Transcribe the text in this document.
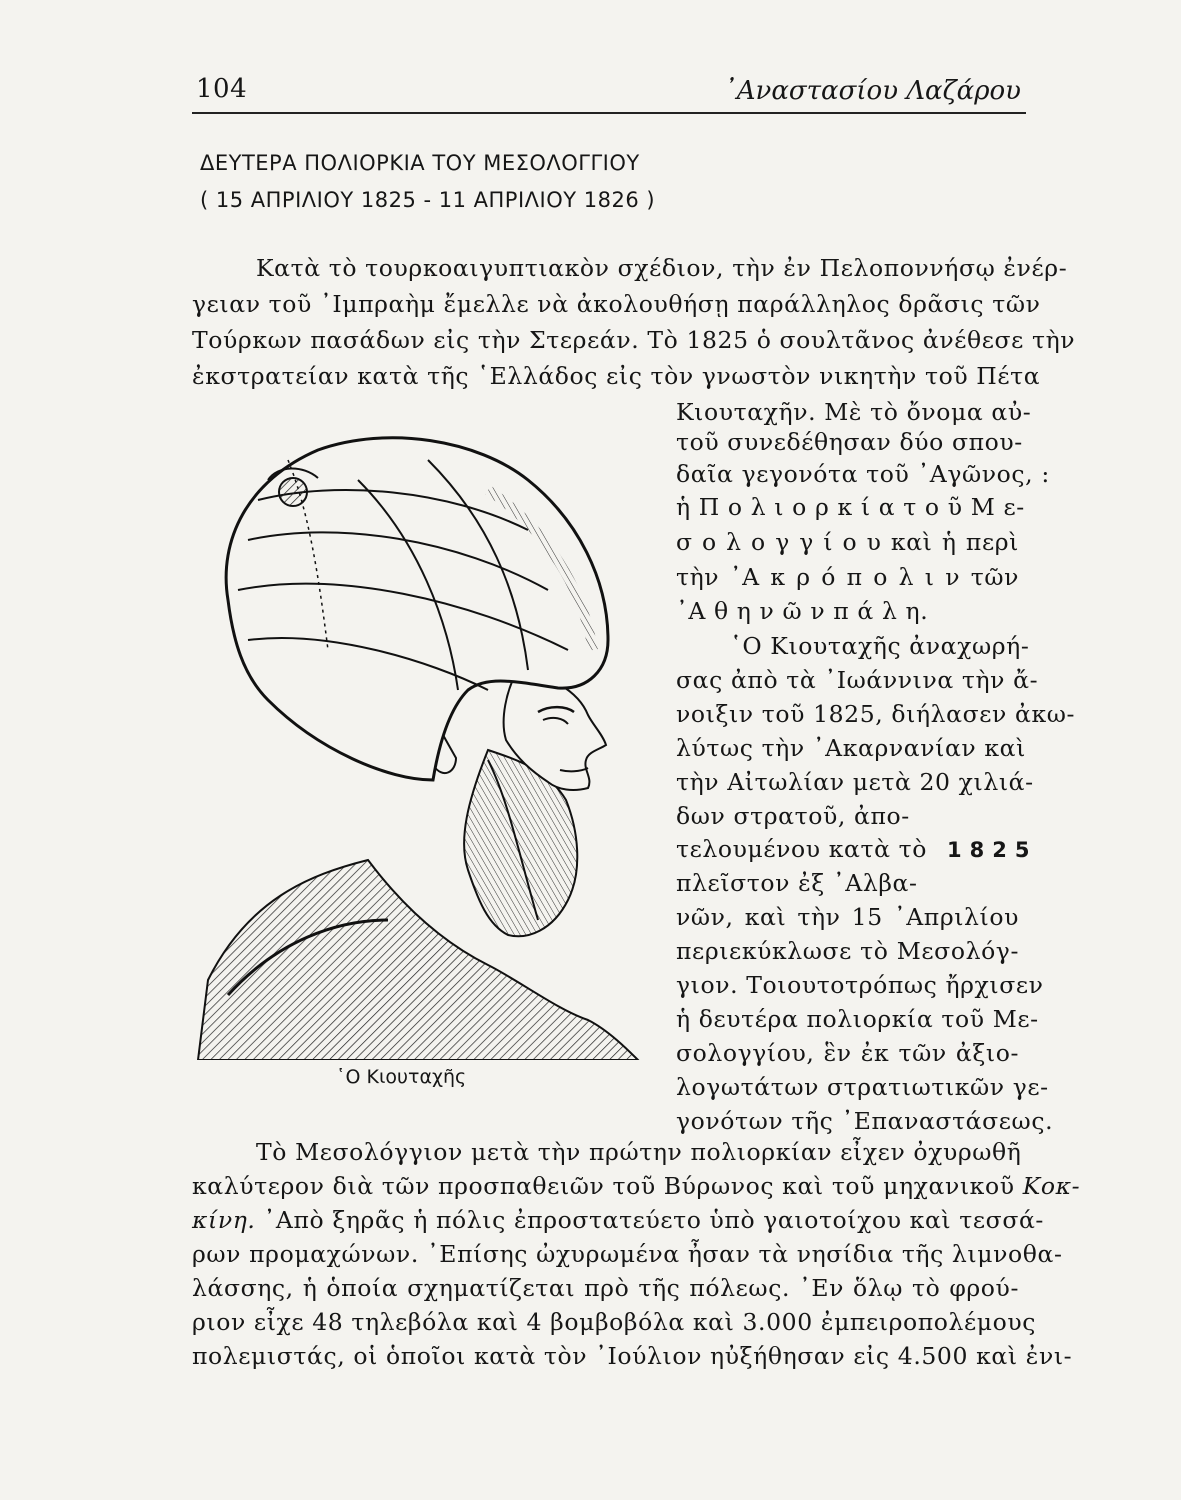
104	᾿Αναστασίου Λαζάρου
ΔΕΥΤΕΡΑ ΠΟΛΙΟΡΚΙΑ ΤΟΥ ΜΕΣΟΛΟΓΓΙΟΥ
( 15 ΑΠΡΙΛΙΟΥ 1825 - 11 ΑΠΡΙΛΙΟΥ 1826 )
Κατὰ τὸ τουρκοαιγυπτιακὸν σχέδιον, τὴν ἐν Πελοποννήσῳ ἐνέρ-
γειαν τοῦ ᾿Ιμπραὴμ ἔμελλε νὰ ἀκολουθήσῃ παράλληλος δρᾶσις τῶν
Τούρκων πασάδων εἰς τὴν Στερεάν. Τὸ 1825 ὁ σουλτᾶνος ἀνέθεσε τὴν
ἐκστρατείαν κατὰ τῆς ῾Ελλάδος εἰς τὸν γνωστὸν νικητὴν τοῦ Πέτα
Κιουταχῆν. Μὲ τὸ ὄνομα αὐ-
τοῦ συνεδέθησαν δύο σπου-
δαῖα γεγονότα τοῦ ᾿Αγῶνος, :
ἡ Π ο λ ι ο ρ κ ί α τ ο ῦ Μ ε-
σ ο λ ο γ γ ί ο υ καὶ ἡ περὶ
τὴν ᾿Α κ ρ ό π ο λ ι ν τῶν
᾿Α θ η ν ῶ ν π ά λ η.
῾Ο Κιουταχῆς ἀναχωρή-
σας ἀπὸ τὰ ᾿Ιωάννινα τὴν ἄ-
νοιξιν τοῦ 1825, διήλασεν ἀκω-
λύτως τὴν ᾿Ακαρνανίαν καὶ
τὴν Αἰτωλίαν μετὰ 20 χιλιά-
δων στρατοῦ, ἀπο-
τελουμένου κατὰ τὸ 1825
πλεῖστον ἐξ ᾿Αλβα-
νῶν, καὶ τὴν 15 ᾿Απριλίου
περιεκύκλωσε τὸ Μεσολόγ-
γιον. Τοιουτοτρόπως ἤρχισεν
ἡ δευτέρα πολιορκία τοῦ Με-
σολογγίου, ἓν ἐκ τῶν ἀξιο-
λογωτάτων στρατιωτικῶν γε-
γονότων τῆς ᾿Επαναστάσεως.
῾Ο Κιουταχῆς
Τὸ Μεσολόγγιον μετὰ τὴν πρώτην πολιορκίαν εἶχεν ὀχυρωθῆ
καλύτερον διὰ τῶν προσπαθειῶν τοῦ Βύρωνος καὶ τοῦ μηχανικοῦ Κοκ-
κίνη. ᾿Απὸ ξηρᾶς ἡ πόλις ἐπροστατεύετο ὑπὸ γαιοτοίχου καὶ τεσσά-
ρων προμαχώνων. ᾿Επίσης ὠχυρωμένα ἦσαν τὰ νησίδια τῆς λιμνοθα-
λάσσης, ἡ ὁποία σχηματίζεται πρὸ τῆς πόλεως. ᾿Εν ὅλῳ τὸ φρού-
ριον εἶχε 48 τηλεβόλα καὶ 4 βομβοβόλα καὶ 3.000 ἐμπειροπολέμους
πολεμιστάς, οἱ ὁποῖοι κατὰ τὸν ᾿Ιούλιον ηὐξήθησαν εἰς 4.500 καὶ ἐνι-
